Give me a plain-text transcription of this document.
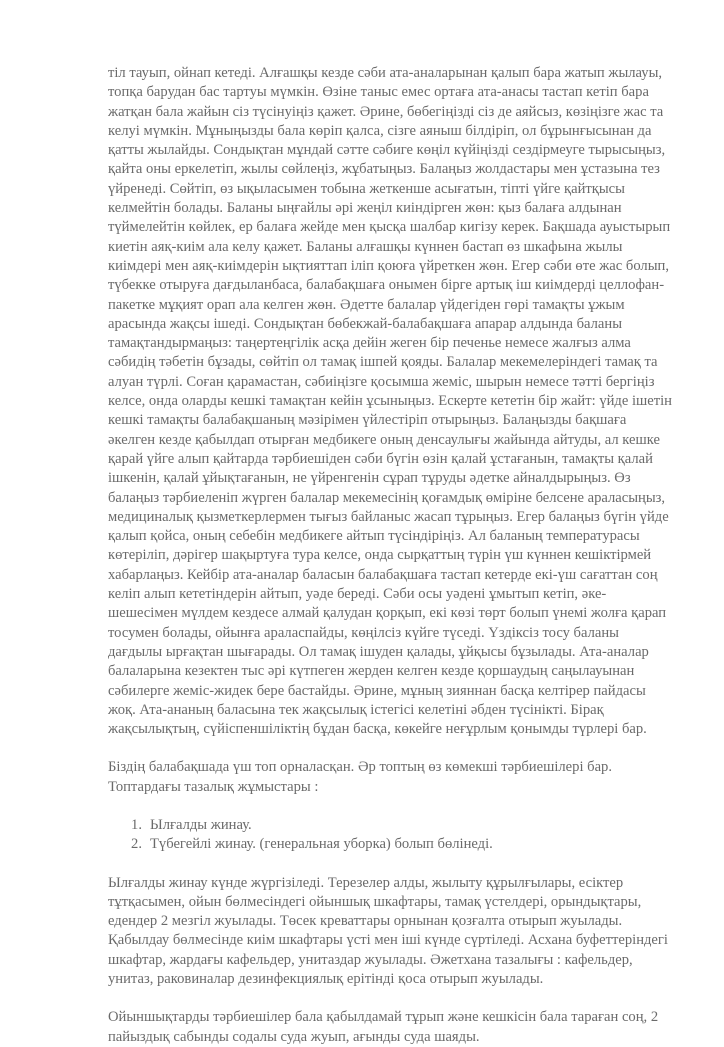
тіл тауып, ойнап кетеді. Алғашқы кезде сәби ата-аналарынан қалып бара жатып жылауы,
топқа барудан бас тартуы мүмкін. Өзіне таныс емес ортаға ата-анасы тастап кетіп бара
жатқан бала жайын сіз түсінуіңіз қажет. Әрине, бөбегіңізді сіз де аяйсыз, көзіңізге жас та
келуі мүмкін. Мұныңызды бала көріп қалса, сізге аяныш білдіріп, ол бұрынғысынан да
қатты жылайды. Сондықтан мұндай сәтте сәбиге көңіл күйіңізді сездірмеуге тырысыңыз,
қайта оны еркелетіп, жылы сөйлеңіз, жұбатыңыз. Балаңыз жолдастары мен ұстазына тез
үйренеді. Сөйтіп, өз ықыласымен тобына жеткенше асығатын, тіпті үйге қайтқысы
келмейтін болады. Баланы ыңғайлы әрі жеңіл киіндірген жөн: қыз балаға алдынан
түймелейтін көйлек, ер балаға жейде мен қысқа шалбар кигізу керек. Бақшада ауыстырып
киетін аяқ-киім ала келу қажет. Баланы алғашқы күннен бастап өз шкафына жылы
киімдері мен аяқ-киімдерін ықтияттап іліп қоюға үйреткен жөн. Егер сәби өте жас болып,
түбекке отыруға дағдыланбаса, балабақшаға онымен бірге артық іш киімдерді целлофан-
пакетке мұқият орап ала келген жөн. Әдетте балалар үйдегіден гөрі тамақты ұжым
арасында жақсы ішеді. Сондықтан бөбекжай-балабақшаға апарар алдында баланы
тамақтандырмаңыз: таңертеңгілік асқа дейін жеген бір печенье немесе жалғыз алма
сәбидің тәбетін бұзады, сөйтіп ол тамақ ішпей қояды. Балалар мекемелеріндегі тамақ та
алуан түрлі. Соған қарамастан, сәбиіңізге қосымша жеміс, шырын немесе тәтті бергіңіз
келсе, онда оларды кешкі тамақтан кейін ұсыныңыз. Ескерте кететін бір жайт: үйде ішетін
кешкі тамақты балабақшаның мәзірімен үйлестіріп отырыңыз. Балаңызды бақшаға
әкелген кезде қабылдап отырған медбикеге оның денсаулығы жайында айтуды, ал кешке
қарай үйге алып қайтарда тәрбиешіден сәби бүгін өзін қалай ұстағанын, тамақты қалай
ішкенін, қалай ұйықтағанын, не үйренгенін сұрап тұруды әдетке айналдырыңыз. Өз
балаңыз тәрбиеленіп жүрген балалар мекемесінің қоғамдық өміріне белсене араласыңыз,
медициналық қызметкерлермен тығыз байланыс жасап тұрыңыз. Егер балаңыз бүгін үйде
қалып қойса, оның себебін медбикеге айтып түсіндіріңіз. Ал баланың температурасы
көтеріліп, дәрігер шақыртуға тура келсе, онда сырқаттың түрін үш күннен кешіктірмей
хабарлаңыз. Кейбір ата-аналар баласын балабақшаға тастап кетерде екі-үш сағаттан соң
келіп алып кететіндерін айтып, уәде береді. Сәби осы уәдені ұмытып кетіп, әке-
шешесімен мүлдем кездесе алмай қалудан қорқып, екі көзі төрт болып үнемі жолға қарап
тосумен болады, ойынға араласпайды, көңілсіз күйге түседі. Үздіксіз тосу баланы
дағдылы ырғақтан шығарады. Ол тамақ ішуден қалады, ұйқысы бұзылады. Ата-аналар
балаларына кезектен тыс әрі күтпеген жерден келген кезде қоршаудың саңылауынан
сәбилерге жеміс-жидек бере бастайды. Әрине, мұның зияннан басқа келтірер пайдасы
жоқ. Ата-ананың баласына тек жақсылық істегісі келетіні әбден түсінікті. Бірақ
жақсылықтың, сүйіспеншіліктің бұдан басқа, көкейге неғұрлым қонымды түрлері бар.

Біздің балабақшада үш топ орналасқан. Әр топтың өз көмекші тәрбиешілері бар.
Топтардағы тазалық жұмыстары :

1. Ылғалды жинау.
2. Түбегейлі жинау. (генеральная уборка) болып бөлінеді.

Ылғалды жинау күнде жүргізіледі. Терезелер алды, жылыту құрылғылары, есіктер
тұтқасымен, ойын бөлмесіндегі ойыншық шкафтары, тамақ үстелдері, орындықтары,
едендер 2 мезгіл жуылады. Төсек креваттары орнынан қозғалта отырып жуылады.
Қабылдау бөлмесінде киім шкафтары үсті мен іші күнде сүртіледі. Асхана буфеттеріндегі
шкафтар, жардағы кафельдер, унитаздар жуылады. Әжетхана тазалығы : кафельдер,
унитаз, раковиналар дезинфекциялық ерітінді қоса отырып жуылады.

Ойыншықтарды тәрбиешілер бала қабылдамай тұрып және кешкісін бала тараған соң, 2
пайыздық сабынды содалы суда жуып, ағынды суда шаяды.
